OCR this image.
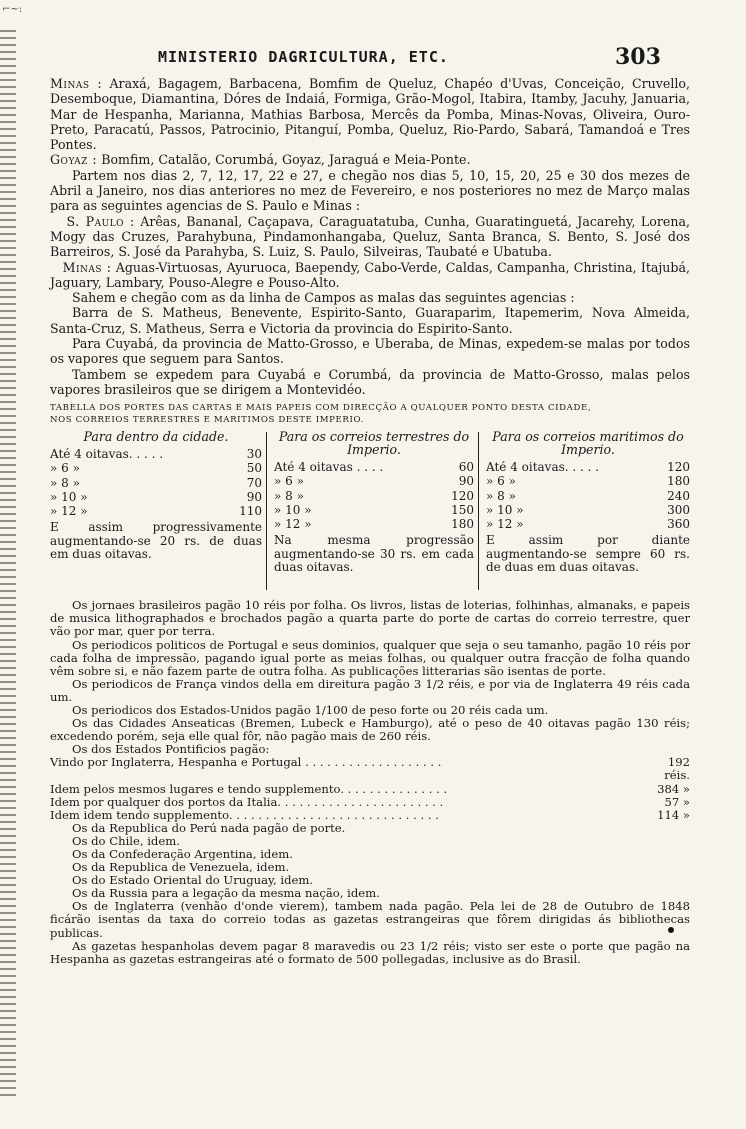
⌐~:
MINISTERIO DAGRICULTURA, ETC.	303

Minas : Araxá, Bagagem, Barbacena, Bomfim de Queluz, Chapéo d'Uvas, Conceição, Cruvello, Desemboque, Diamantina, Dóres de Indaiá, Formiga, Grão-Mogol, Itabira, Itamby, Jacuhy, Januaria, Mar de Hespanha, Marianna, Mathias Barbosa, Mercês da Pomba, Minas-Novas, Oliveira, Ouro-Preto, Paracatú, Passos, Patrocinio, Pitanguí, Pomba, Queluz, Rio-Pardo, Sabará, Tamandoá e Tres Pontes.

Goyaz : Bomfim, Catalão, Corumbá, Goyaz, Jaraguá e Meia-Ponte.

Partem nos dias 2, 7, 12, 17, 22 e 27, e chegão nos dias 5, 10, 15, 20, 25 e 30 dos mezes de Abril a Janeiro, nos dias anteriores no mez de Fevereiro, e nos posteriores no mez de Março malas para as seguintes agencias de S. Paulo e Minas :

S. Paulo : Arêas, Bananal, Caçapava, Caraguatatuba, Cunha, Guaratinguetá, Jacarehy, Lorena, Mogy das Cruzes, Parahybuna, Pindamonhangaba, Queluz, Santa Branca, S. Bento, S. José dos Barreiros, S. José da Parahyba, S. Luiz, S. Paulo, Silveiras, Taubaté e Ubatuba.

Minas : Aguas-Virtuosas, Ayuruoca, Baependy, Cabo-Verde, Caldas, Campanha, Christina, Itajubá, Jaguary, Lambary, Pouso-Alegre e Pouso-Alto.

Sahem e chegão com as da linha de Campos as malas das seguintes agencias :

Barra de S. Matheus, Benevente, Espirito-Santo, Guaraparim, Itapemerim, Nova Almeida, Santa-Cruz, S. Matheus, Serra e Victoria da provincia do Espirito-Santo.

Para Cuyabá, da provincia de Matto-Grosso, e Uberaba, de Minas, expedem-se malas por todos os vapores que seguem para Santos.

Tambem se expedem para Cuyabá e Corumbá, da provincia de Matto-Grosso, malas pelos vapores brasileiros que se dirigem a Montevidéo.

TABELLA DOS PORTES DAS CARTAS E MAIS PAPEIS COM DIRECÇÃO A QUALQUER PONTO DESTA CIDADE,
NOS CORREIOS TERRESTRES E MARITIMOS DESTE IMPERIO.

Para dentro da cidade.
Até 4 oitavas. . . . .	30
» 6 »	50
» 8 »	70
» 10 »	90
» 12 »	110
E assim progressivamente augmentando-se 20 rs. de duas em duas oitavas.
Para os correios terrestres do Imperio.
Até 4 oitavas . . . .	60
» 6 »	90
» 8 »	120
» 10 »	150
» 12 »	180
Na mesma progressão augmentando-se 30 rs. em cada duas oitavas.
Para os correios maritimos do Imperio.
Até 4 oitavas. . . . .	120
» 6 »	180
» 8 »	240
» 10 »	300
» 12 »	360
E assim por diante augmentando-se sempre 60 rs. de duas em duas oitavas.

Os jornaes brasileiros pagão 10 réis por folha. Os livros, listas de loterias, folhinhas, almanaks, e papeis de musica lithographados e brochados pagão a quarta parte do porte de cartas do correio terrestre, quer vão por mar, quer por terra.

Os periodicos politicos de Portugal e seus dominios, qualquer que seja o seu tamanho, pagão 10 réis por cada folha de impressão, pagando igual porte as meias folhas, ou qualquer outra fracção de folha quando vêm sobre si, e não fazem parte de outra folha. As publicações litterarias são isentas de porte.

Os periodicos de França vindos della em direitura pagão 3 1/2 réis, e por via de Inglaterra 49 réis cada um.

Os periodicos dos Estados-Unidos pagão 1/100 de peso forte ou 20 réis cada um.

Os das Cidades Anseaticas (Bremen, Lubeck e Hamburgo), até o peso de 40 oitavas pagão 130 réis; excedendo porém, seja elle qual fôr, não pagão mais de 260 réis.

Os dos Estados Pontificios pagão:

Vindo por Inglaterra, Hespanha e Portugal . . . . . . . . . . . . . . . . . . .	192 réis.
Idem pelos mesmos lugares e tendo supplemento. . . . . . . . . . . . . . .	384 »
Idem por qualquer dos portos da Italia. . . . . . . . . . . . . . . . . . . . . . .	57 »
Idem idem tendo supplemento. . . . . . . . . . . . . . . . . . . . . . . . . . . . .	114 »

Os da Republica do Perú nada pagão de porte.

Os do Chile, idem.

Os da Confederação Argentina, idem.

Os da Republica de Venezuela, idem.

Os do Estado Oriental do Uruguay, idem.

Os da Russia para a legação da mesma nação, idem.

Os de Inglaterra (venhão d'onde vierem), tambem nada pagão. Pela lei de 28 de Outubro de 1848 ficárão isentas da taxa do correio todas as gazetas estrangeiras que fôrem dirigidas ás bibliothecas publicas.

As gazetas hespanholas devem pagar 8 maravedis ou 23 1/2 réis; visto ser este o porte que pagão na Hespanha as gazetas estrangeiras até o formato de 500 pollegadas, inclusive as do Brasil.
